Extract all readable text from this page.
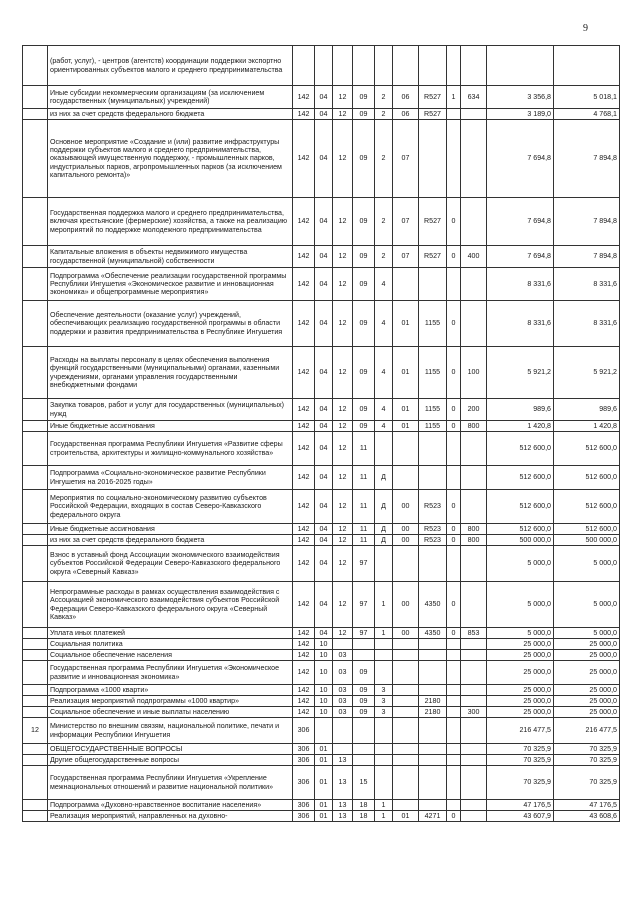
9
	(работ, услуг), - центров (агентств) координации поддержки экспортно ориентированных субъектов малого и среднего предпринимательства											
	Иные субсидии некоммерческим организациям (за исключением государственных (муниципальных) учреждений)	142	04	12	09	2	06	R527	1	634	3 356,8	5 018,1
	из них за счет средств федерального бюджета	142	04	12	09	2	06	R527			3 189,0	4 768,1
	Основное мероприятие «Создание и (или) развитие инфраструктуры поддержки субъектов малого и среднего предпринимательства, оказывающей имущественную поддержку, - промышленных парков, индустриальных парков, агропромышленных парков (за исключением капитального ремонта)»	142	04	12	09	2	07				7 694,8	7 894,8
	Государственная поддержка малого и среднего предпринимательства, включая крестьянские (фермерские) хозяйства, а также на реализацию мероприятий по поддержке молодежного предпринимательства	142	04	12	09	2	07	R527	0		7 694,8	7 894,8
	Капитальные вложения в объекты недвижимого имущества государственной (муниципальной) собственности	142	04	12	09	2	07	R527	0	400	7 694,8	7 894,8
	Подпрограмма «Обеспечение реализации государственной программы Республики Ингушетия «Экономическое развитие и инновационная экономика» и общепрограммные мероприятия»	142	04	12	09	4					8 331,6	8 331,6
	Обеспечение деятельности (оказание услуг) учреждений, обеспечивающих реализацию государственной программы в области поддержки и развития предпринимательства в Республике Ингушетия	142	04	12	09	4	01	1155	0		8 331,6	8 331,6
	Расходы на выплаты персоналу в целях обеспечения выполнения функций государственными (муниципальными) органами, казенными учреждениями, органами управления государственными внебюджетными фондами	142	04	12	09	4	01	1155	0	100	5 921,2	5 921,2
	Закупка товаров, работ и услуг для государственных (муниципальных) нужд	142	04	12	09	4	01	1155	0	200	989,6	989,6
	Иные бюджетные ассигнования	142	04	12	09	4	01	1155	0	800	1 420,8	1 420,8
	Государственная программа Республики Ингушетия «Развитие сферы строительства, архитектуры и жилищно-коммунального хозяйства»	142	04	12	11						512 600,0	512 600,0
	Подпрограмма «Социально-экономическое развитие Республики Ингушетия на 2016-2025 годы»	142	04	12	11	Д					512 600,0	512 600,0
	Мероприятия по социально-экономическому развитию субъектов Российской Федерации, входящих в состав Северо-Кавказского федерального округа	142	04	12	11	Д	00	R523	0		512 600,0	512 600,0
	Иные бюджетные ассигнования	142	04	12	11	Д	00	R523	0	800	512 600,0	512 600,0
	из них за счет средств федерального бюджета	142	04	12	11	Д	00	R523	0	800	500 000,0	500 000,0
	Взнос в уставный фонд Ассоциации экономического взаимодействия субъектов Российской Федерации Северо-Кавказского федерального округа «Северный Кавказ»	142	04	12	97						5 000,0	5 000,0
	Непрограммные расходы в рамках осуществления взаимодействия с Ассоциацией экономического взаимодействия субъектов Российской Федерации Северо-Кавказского федерального округа «Северный Кавказ»	142	04	12	97	1	00	4350	0		5 000,0	5 000,0
	Уплата иных платежей	142	04	12	97	1	00	4350	0	853	5 000,0	5 000,0
	Социальная политика	142	10								25 000,0	25 000,0
	Социальное обеспечение населения	142	10	03							25 000,0	25 000,0
	Государственная программа Республики Ингушетия «Экономическое развитие и инновационная экономика»	142	10	03	09						25 000,0	25 000,0
	Подпрограмма «1000 кварти»	142	10	03	09	3					25 000,0	25 000,0
	Реализация мероприятий подпрограммы «1000 квартир»	142	10	03	09	3		2180			25 000,0	25 000,0
	Социальное обеспечение и иные выплаты населению	142	10	03	09	3		2180		300	25 000,0	25 000,0
12	Министерство по внешним связям, национальной политике, печати и информации Республики Ингушетия	306									216 477,5	216 477,5
	ОБЩЕГОСУДАРСТВЕННЫЕ ВОПРОСЫ	306	01								70 325,9	70 325,9
	Другие общегосударственные вопросы	306	01	13							70 325,9	70 325,9
	Государственная программа Республики Ингушетия «Укрепление межнациональных отношений и развитие национальной политики»	306	01	13	15						70 325,9	70 325,9
	Подпрограмма «Духовно-нравственное воспитание населения»	306	01	13	18	1					47 176,5	47 176,5
	Реализация мероприятий, направленных на духовно-	306	01	13	18	1	01	4271	0		43 607,9	43 608,6
